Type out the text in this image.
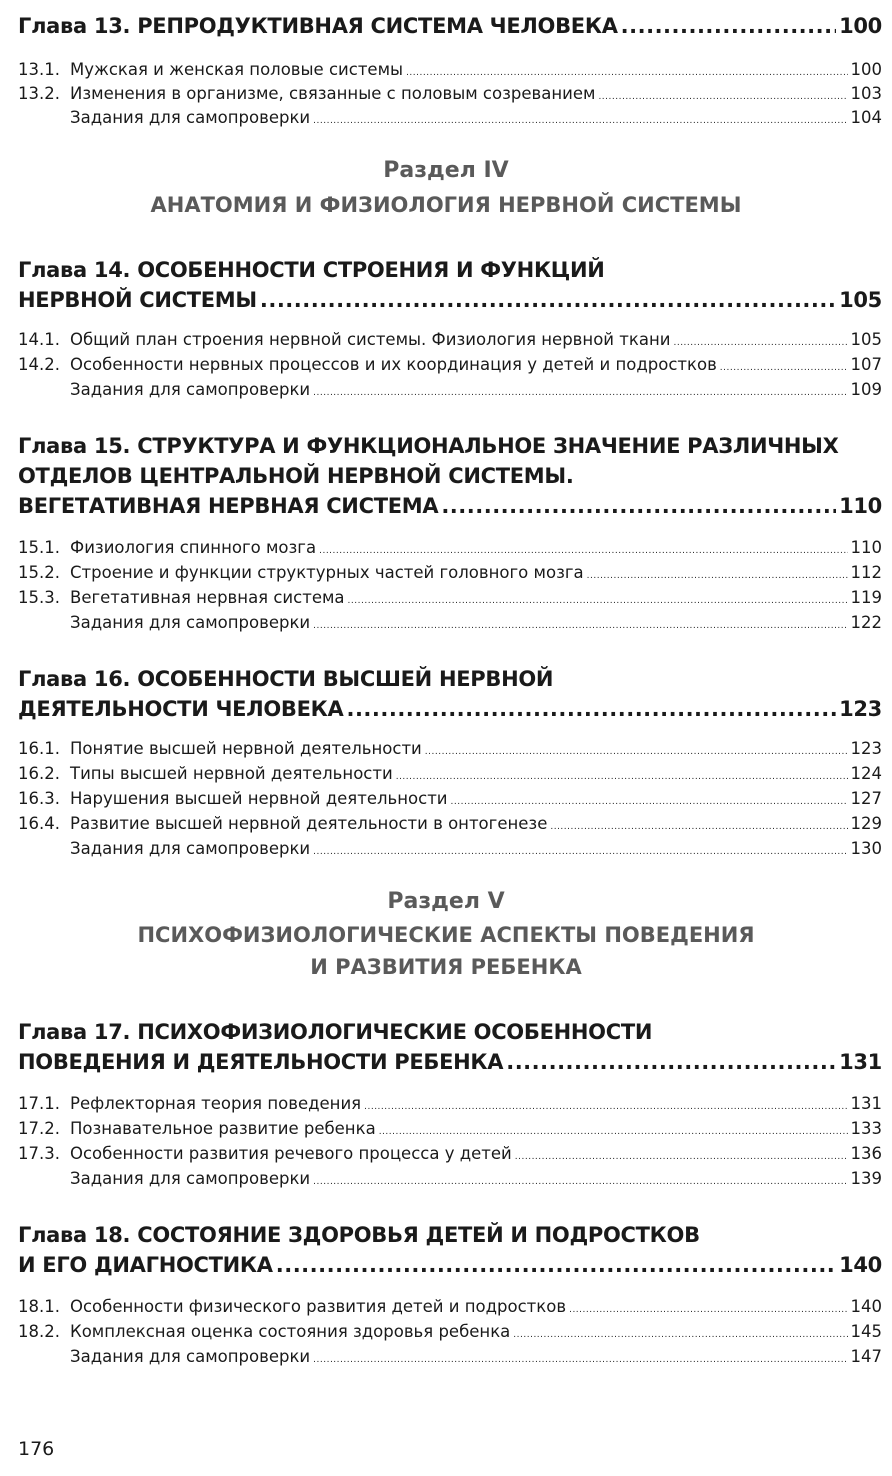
Глава 13. РЕПРОДУКТИВНАЯ СИСТЕМА ЧЕЛОВЕКА .....	100
13.1. Мужская и женская половые системы .....	100
13.2. Изменения в организме, связанные с половым созреванием .....	103
Задания для самопроверки .....	104
Раздел IV
АНАТОМИЯ И ФИЗИОЛОГИЯ НЕРВНОЙ СИСТЕМЫ
Глава 14. ОСОБЕННОСТИ СТРОЕНИЯ И ФУНКЦИЙ
НЕРВНОЙ СИСТЕМЫ .....	105
14.1. Общий план строения нервной системы. Физиология нервной ткани .....	105
14.2. Особенности нервных процессов и их координация у детей и подростков .....	107
Задания для самопроверки .....	109
Глава 15. СТРУКТУРА И ФУНКЦИОНАЛЬНОЕ ЗНАЧЕНИЕ РАЗЛИЧНЫХ
ОТДЕЛОВ ЦЕНТРАЛЬНОЙ НЕРВНОЙ СИСТЕМЫ.
ВЕГЕТАТИВНАЯ НЕРВНАЯ СИСТЕМА .....	110
15.1. Физиология спинного мозга .....	110
15.2. Строение и функции структурных частей головного мозга .....	112
15.3. Вегетативная нервная система .....	119
Задания для самопроверки .....	122
Глава 16. ОСОБЕННОСТИ ВЫСШЕЙ НЕРВНОЙ
ДЕЯТЕЛЬНОСТИ ЧЕЛОВЕКА .....	123
16.1. Понятие высшей нервной деятельности .....	123
16.2. Типы высшей нервной деятельности .....	124
16.3. Нарушения высшей нервной деятельности .....	127
16.4. Развитие высшей нервной деятельности в онтогенезе .....	129
Задания для самопроверки .....	130
Раздел V
ПСИХОФИЗИОЛОГИЧЕСКИЕ АСПЕКТЫ ПОВЕДЕНИЯ
И РАЗВИТИЯ РЕБЕНКА
Глава 17. ПСИХОФИЗИОЛОГИЧЕСКИЕ ОСОБЕННОСТИ
ПОВЕДЕНИЯ И ДЕЯТЕЛЬНОСТИ РЕБЕНКА .....	131
17.1. Рефлекторная теория поведения .....	131
17.2. Познавательное развитие ребенка .....	133
17.3. Особенности развития речевого процесса у детей .....	136
Задания для самопроверки .....	139
Глава 18. СОСТОЯНИЕ ЗДОРОВЬЯ ДЕТЕЙ И ПОДРОСТКОВ
И ЕГО ДИАГНОСТИКА .....	140
18.1. Особенности физического развития детей и подростков .....	140
18.2. Комплексная оценка состояния здоровья ребенка .....	145
Задания для самопроверки .....	147
176
